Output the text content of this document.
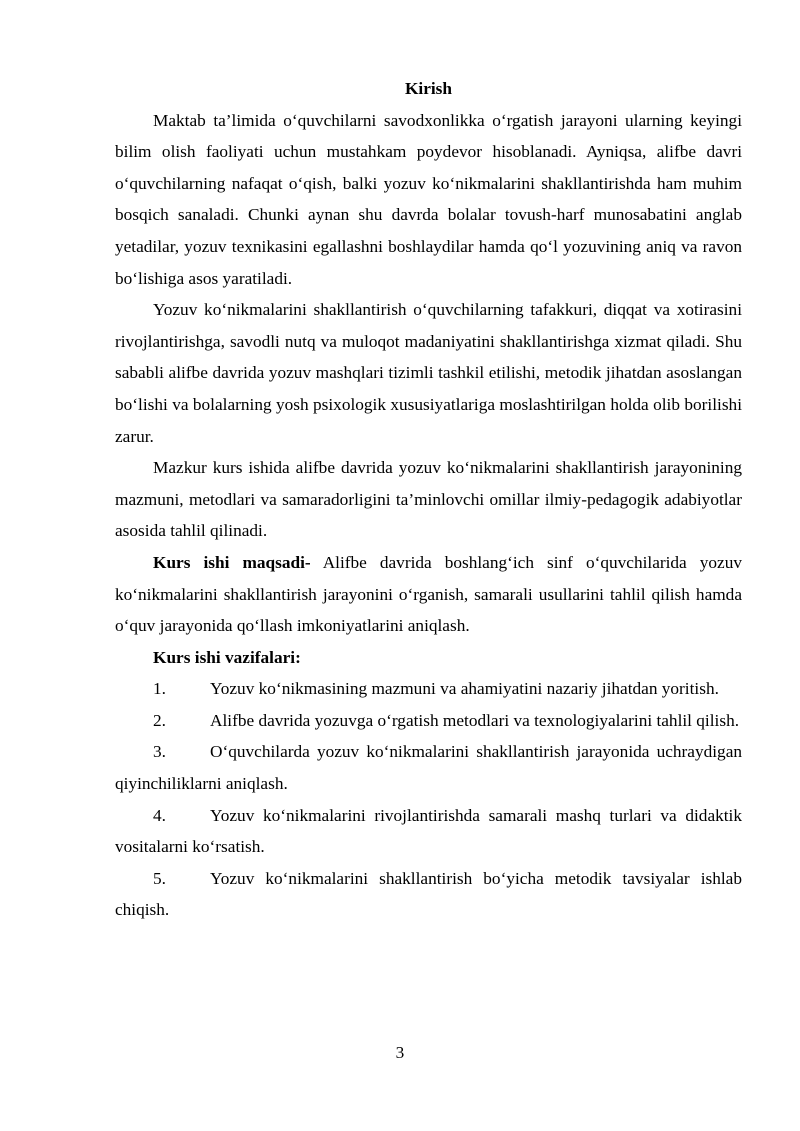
Kirish

Maktab ta’limida o‘quvchilarni savodxonlikka o‘rgatish jarayoni ularning keyingi bilim olish faoliyati uchun mustahkam poydevor hisoblanadi. Ayniqsa, alifbe davri o‘quvchilarning nafaqat o‘qish, balki yozuv ko‘nikmalarini shakllantirishda ham muhim bosqich sanaladi. Chunki aynan shu davrda bolalar tovush-harf munosabatini anglab yetadilar, yozuv texnikasini egallashni boshlaydilar hamda qo‘l yozuvining aniq va ravon bo‘lishiga asos yaratiladi.

Yozuv ko‘nikmalarini shakllantirish o‘quvchilarning tafakkuri, diqqat va xotirasini rivojlantirishga, savodli nutq va muloqot madaniyatini shakllantirishga xizmat qiladi. Shu sababli alifbe davrida yozuv mashqlari tizimli tashkil etilishi, metodik jihatdan asoslangan bo‘lishi va bolalarning yosh psixologik xususiyatlariga moslashtirilgan holda olib borilishi zarur.

Mazkur kurs ishida alifbe davrida yozuv ko‘nikmalarini shakllantirish jarayonining mazmuni, metodlari va samaradorligini ta’minlovchi omillar ilmiy-pedagogik adabiyotlar asosida tahlil qilinadi.

Kurs ishi maqsadi- Alifbe davrida boshlang‘ich sinf o‘quvchilarida yozuv ko‘nikmalarini shakllantirish jarayonini o‘rganish, samarali usullarini tahlil qilish hamda o‘quv jarayonida qo‘llash imkoniyatlarini aniqlash.

Kurs ishi vazifalari:

1.	Yozuv ko‘nikmasining mazmuni va ahamiyatini nazariy jihatdan yoritish.

2.	Alifbe davrida yozuvga o‘rgatish metodlari va texnologiyalarini tahlil qilish.

3.	O‘quvchilarda yozuv ko‘nikmalarini shakllantirish jarayonida uchraydigan qiyinchiliklarni aniqlash.

4.	Yozuv ko‘nikmalarini rivojlantirishda samarali mashq turlari va didaktik vositalarni ko‘rsatish.

5.	Yozuv ko‘nikmalarini shakllantirish bo‘yicha metodik tavsiyalar ishlab chiqish.

3
